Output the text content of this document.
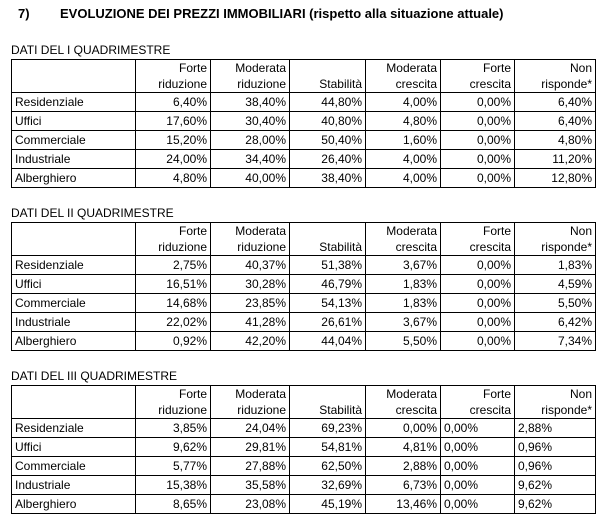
7) EVOLUZIONE DEI PREZZI IMMOBILIARI (rispetto alla situazione attuale)
DATI DEL I QUADRIMESTRE
	Forte	Moderata		Moderata	Forte	Non
	riduzione	riduzione	Stabilità	crescita	crescita	risponde*
Residenziale	6,40%	38,40%	44,80%	4,00%	0,00%	6,40%
Uffici	17,60%	30,40%	40,80%	4,80%	0,00%	6,40%
Commerciale	15,20%	28,00%	50,40%	1,60%	0,00%	4,80%
Industriale	24,00%	34,40%	26,40%	4,00%	0,00%	11,20%
Alberghiero	4,80%	40,00%	38,40%	4,00%	0,00%	12,80%
DATI DEL II QUADRIMESTRE
	Forte	Moderata		Moderata	Forte	Non
	riduzione	riduzione	Stabilità	crescita	crescita	risponde*
Residenziale	2,75%	40,37%	51,38%	3,67%	0,00%	1,83%
Uffici	16,51%	30,28%	46,79%	1,83%	0,00%	4,59%
Commerciale	14,68%	23,85%	54,13%	1,83%	0,00%	5,50%
Industriale	22,02%	41,28%	26,61%	3,67%	0,00%	6,42%
Alberghiero	0,92%	42,20%	44,04%	5,50%	0,00%	7,34%
DATI DEL III QUADRIMESTRE
	Forte	Moderata		Moderata	Forte	Non
	riduzione	riduzione	Stabilità	crescita	crescita	risponde*
Residenziale	3,85%	24,04%	69,23%	0,00%	0,00%	2,88%
Uffici	9,62%	29,81%	54,81%	4,81%	0,00%	0,96%
Commerciale	5,77%	27,88%	62,50%	2,88%	0,00%	0,96%
Industriale	15,38%	35,58%	32,69%	6,73%	0,00%	9,62%
Alberghiero	8,65%	23,08%	45,19%	13,46%	0,00%	9,62%
